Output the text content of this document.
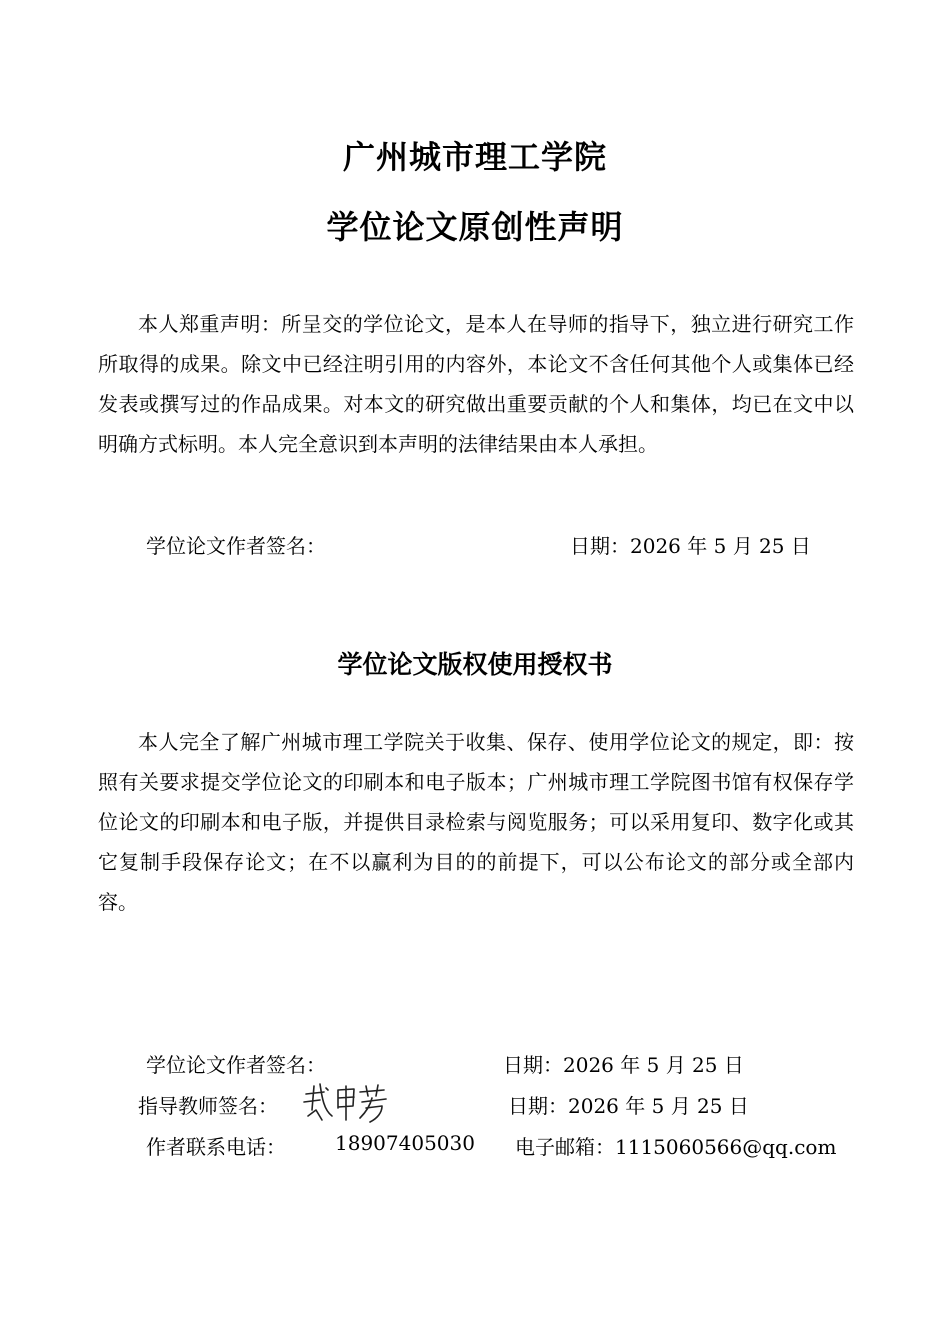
广州城市理工学院
学位论文原创性声明
本人郑重声明：所呈交的学位论文，是本人在导师的指导下，独立进行研究工作所取得的成果。除文中已经注明引用的内容外，本论文不含任何其他个人或集体已经发表或撰写过的作品成果。对本文的研究做出重要贡献的个人和集体，均已在文中以明确方式标明。本人完全意识到本声明的法律结果由本人承担。
学位论文作者签名：	日期：2026 年 5 月 25 日
学位论文版权使用授权书
本人完全了解广州城市理工学院关于收集、保存、使用学位论文的规定，即：按照有关要求提交学位论文的印刷本和电子版本；广州城市理工学院图书馆有权保存学位论文的印刷本和电子版，并提供目录检索与阅览服务；可以采用复印、数字化或其它复制手段保存论文；在不以赢利为目的的前提下，可以公布论文的部分或全部内容。
学位论文作者签名：	日期：2026 年 5 月 25 日
指导教师签名：	日期：2026 年 5 月 25 日
作者联系电话： 18907405030 电子邮箱：1115060566@qq.com
